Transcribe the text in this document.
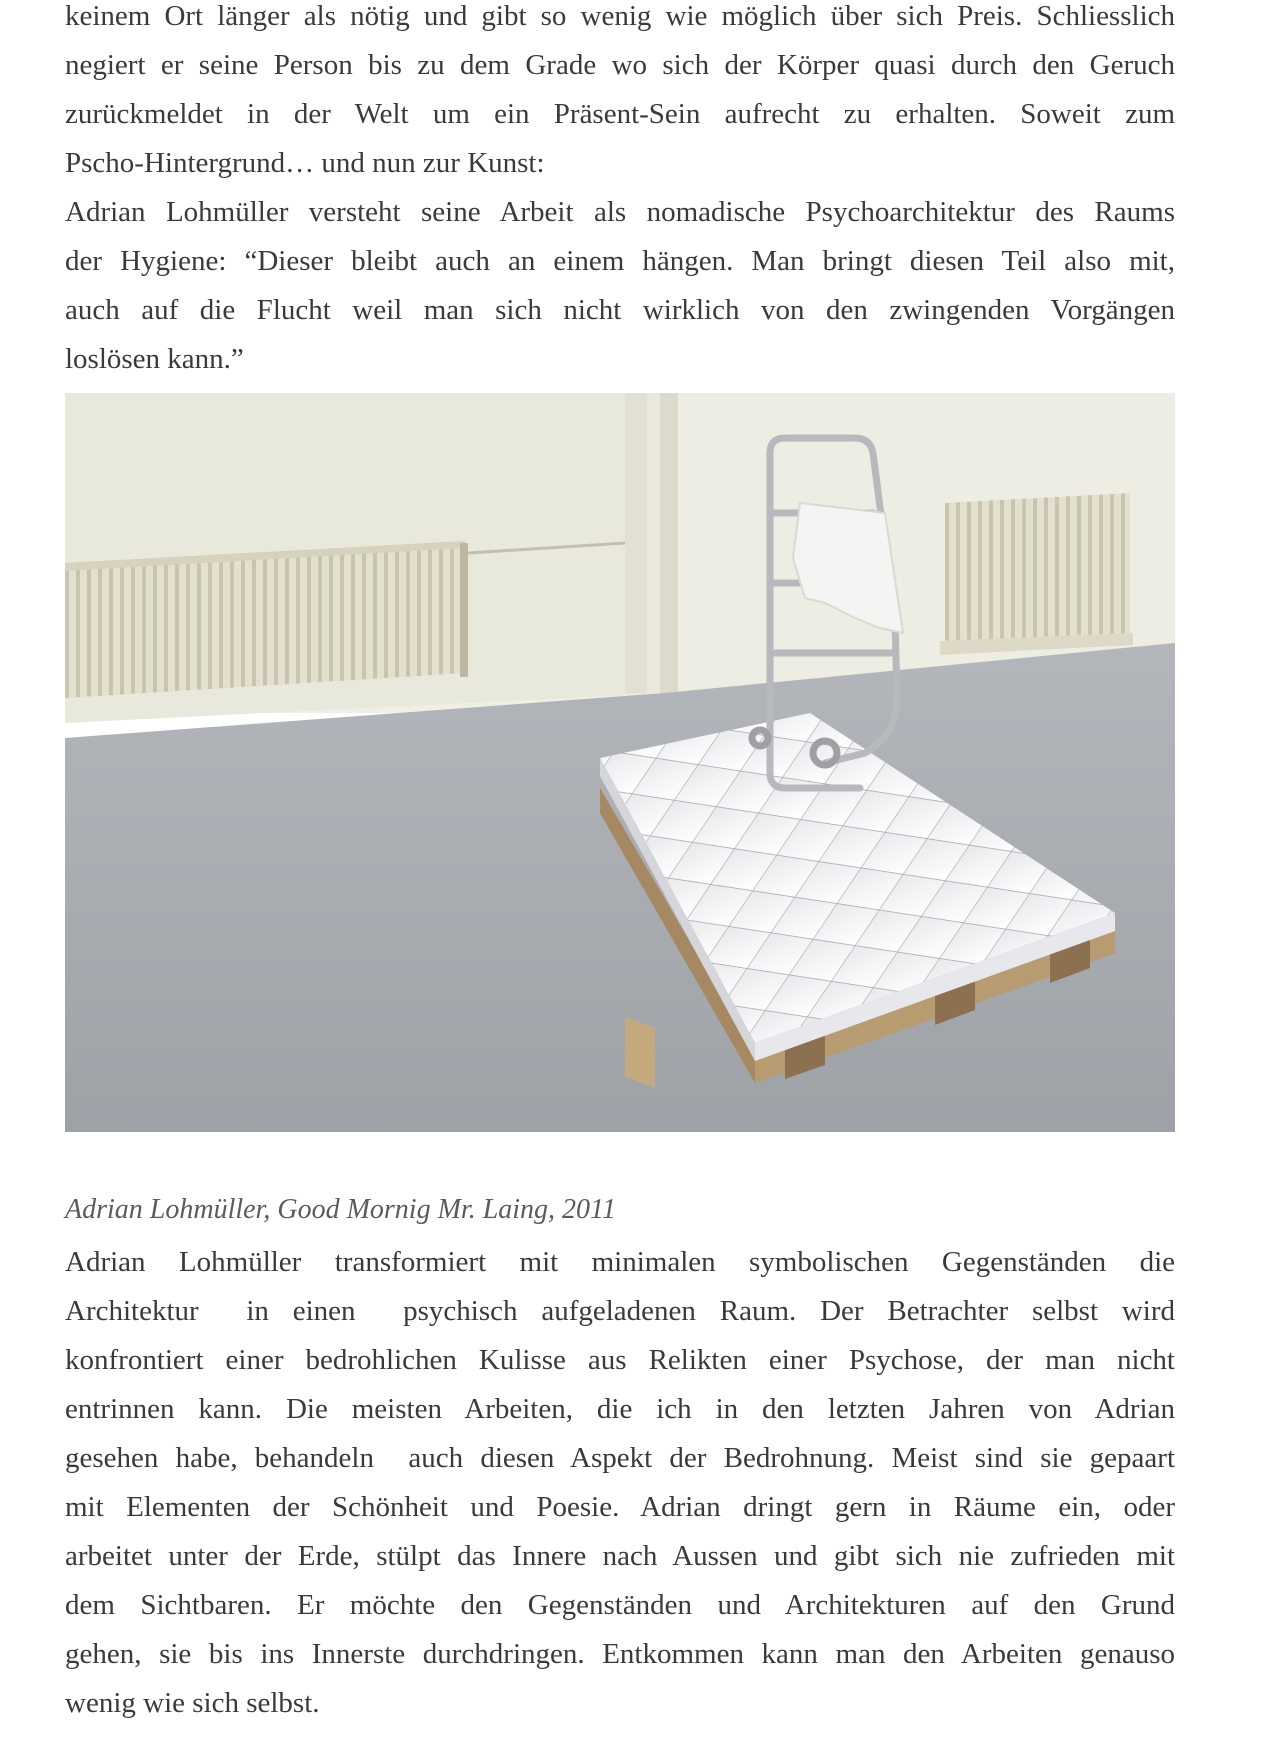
keinem Ort länger als nötig und gibt so wenig wie möglich über sich Preis. Schliesslich
negiert er seine Person bis zu dem Grade wo sich der Körper quasi durch den Geruch
zurückmeldet in der Welt um ein Präsent-Sein aufrecht zu erhalten. Soweit zum
Pscho-Hintergrund… und nun zur Kunst:
Adrian Lohmüller versteht seine Arbeit als nomadische Psychoarchitektur des Raums
der Hygiene: “Dieser bleibt auch an einem hängen. Man bringt diesen Teil also mit,
auch auf die Flucht weil man sich nicht wirklich von den zwingenden Vorgängen
loslösen kann.”

Adrian Lohmüller, Good Mornig Mr. Laing, 2011

Adrian Lohmüller transformiert mit minimalen symbolischen Gegenständen die
Architektur  in einen  psychisch aufgeladenen Raum. Der Betrachter selbst wird
konfrontiert einer bedrohlichen Kulisse aus Relikten einer Psychose, der man nicht
entrinnen kann. Die meisten Arbeiten, die ich in den letzten Jahren von Adrian
gesehen habe, behandeln  auch diesen Aspekt der Bedrohnung. Meist sind sie gepaart
mit Elementen der Schönheit und Poesie. Adrian dringt gern in Räume ein, oder
arbeitet unter der Erde, stülpt das Innere nach Aussen und gibt sich nie zufrieden mit
dem Sichtbaren. Er möchte den Gegenständen und Architekturen auf den Grund
gehen, sie bis ins Innerste durchdringen. Entkommen kann man den Arbeiten genauso
wenig wie sich selbst.
